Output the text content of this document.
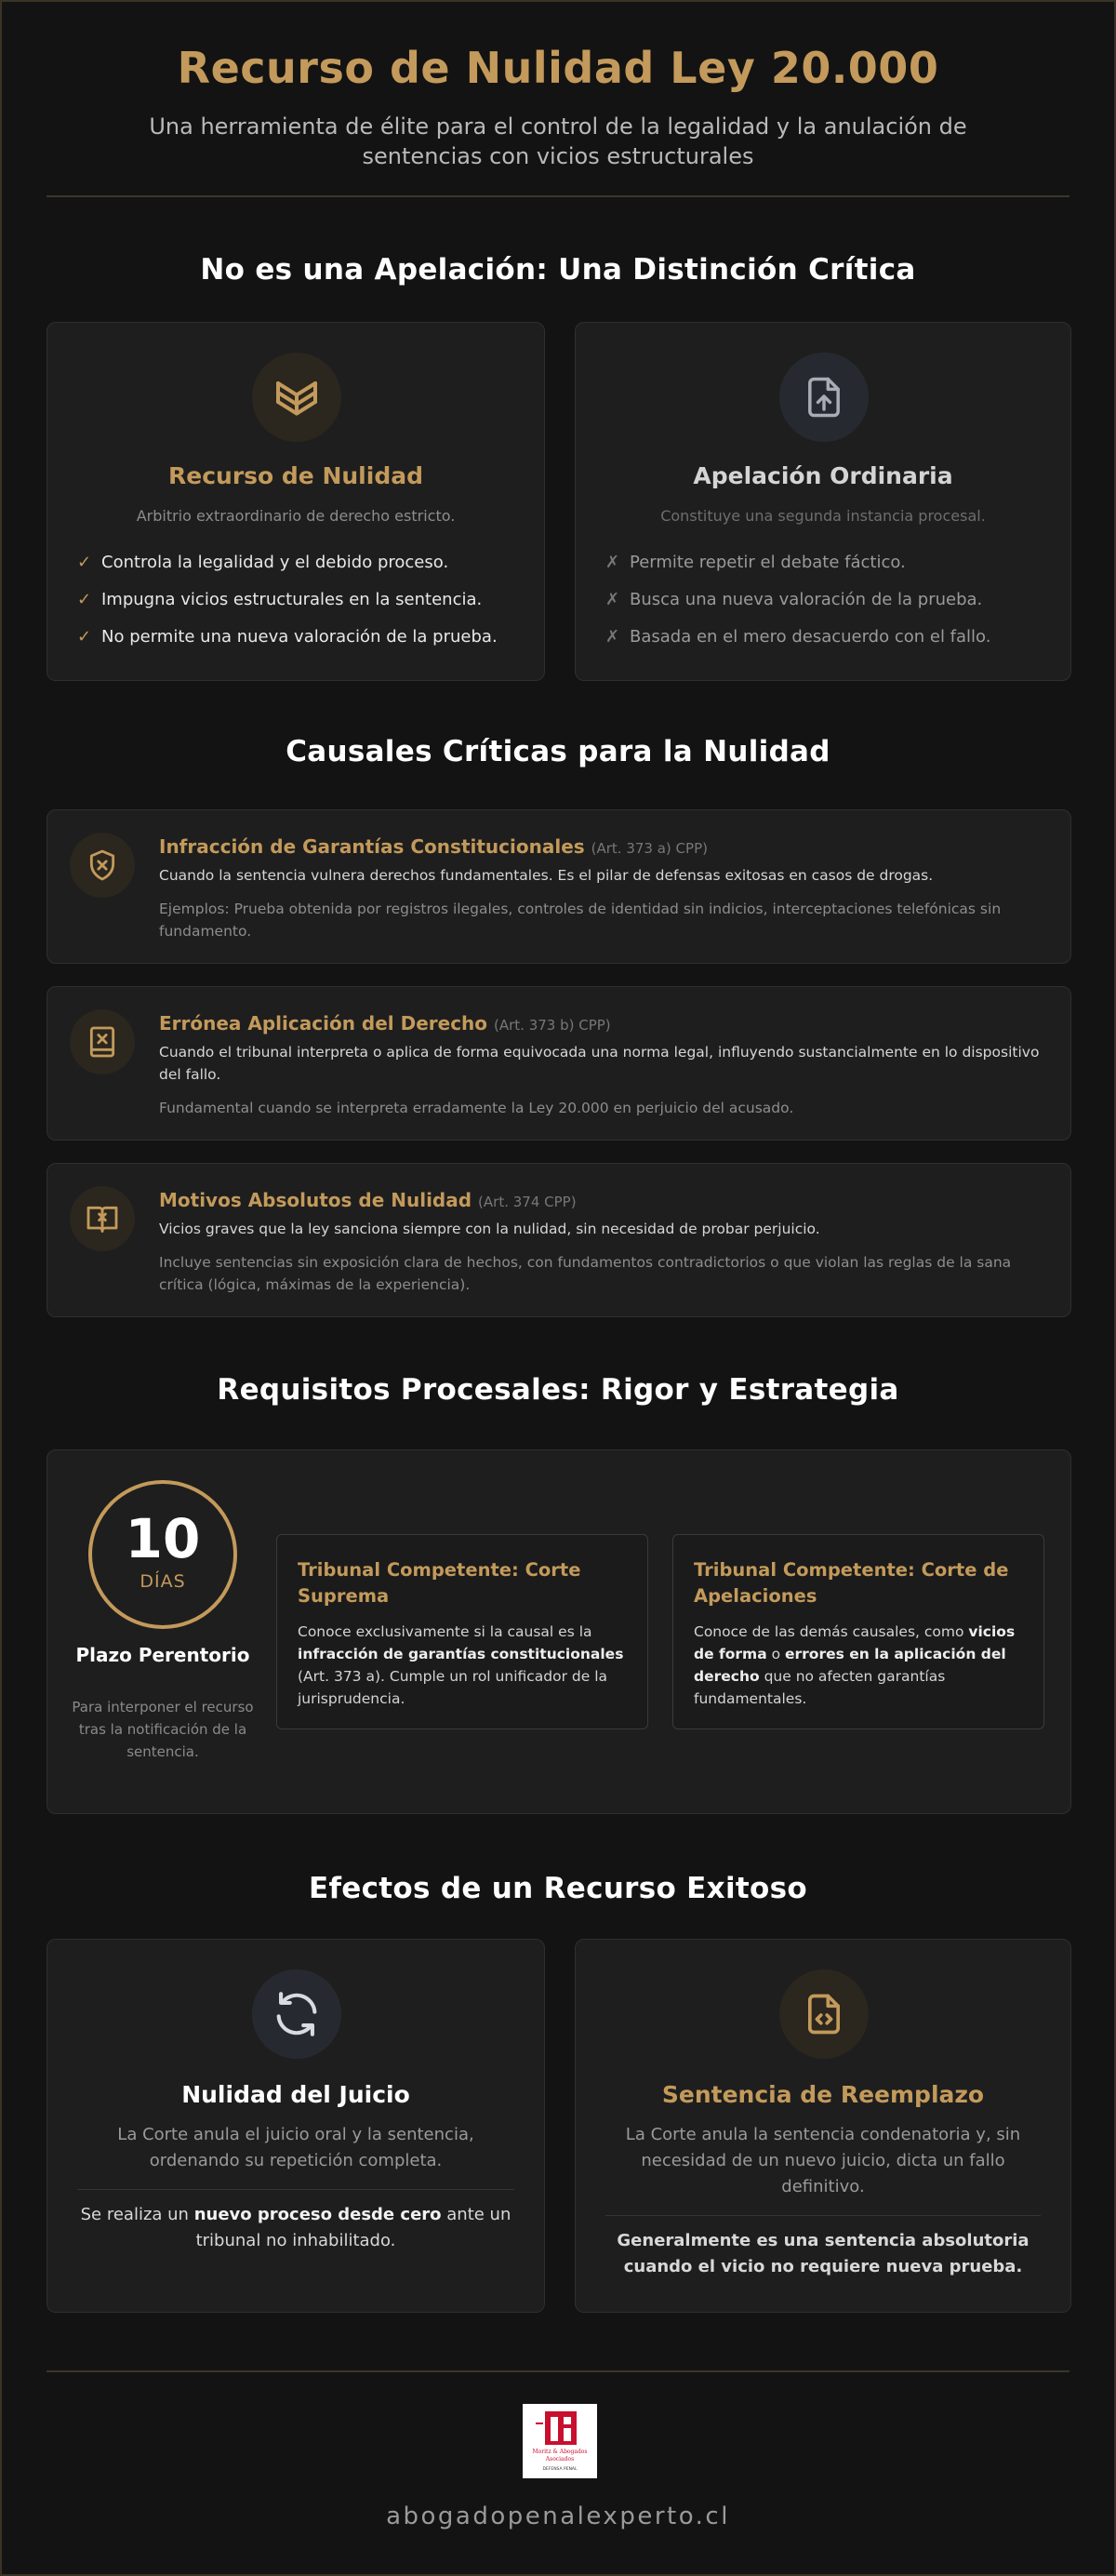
Recurso de Nulidad Ley 20.000

Una herramienta de élite para el control de la legalidad y la anulación de sentencias con vicios estructurales

No es una Apelación: Una Distinción Crítica
Recurso de Nulidad
Arbitrio extraordinario de derecho estricto.
✓ Controla la legalidad y el debido proceso.
✓ Impugna vicios estructurales en la sentencia.
✓ No permite una nueva valoración de la prueba.
Apelación Ordinaria
Constituye una segunda instancia procesal.
✗ Permite repetir el debate fáctico.
✗ Busca una nueva valoración de la prueba.
✗ Basada en el mero desacuerdo con el fallo.
Causales Críticas para la Nulidad
Infracción de Garantías Constitucionales (Art. 373 a) CPP)
Cuando la sentencia vulnera derechos fundamentales. Es el pilar de defensas exitosas en casos de drogas.
Ejemplos: Prueba obtenida por registros ilegales, controles de identidad sin indicios, interceptaciones telefónicas sin fundamento.
Errónea Aplicación del Derecho (Art. 373 b) CPP)
Cuando el tribunal interpreta o aplica de forma equivocada una norma legal, influyendo sustancialmente en lo dispositivo del fallo.
Fundamental cuando se interpreta erradamente la Ley 20.000 en perjuicio del acusado.
Motivos Absolutos de Nulidad (Art. 374 CPP)
Vicios graves que la ley sanciona siempre con la nulidad, sin necesidad de probar perjuicio.
Incluye sentencias sin exposición clara de hechos, con fundamentos contradictorios o que violan las reglas de la sana crítica (lógica, máximas de la experiencia).
Requisitos Procesales: Rigor y Estrategia
10
DÍAS
Plazo Perentorio
Para interponer el recurso tras la notificación de la sentencia.
Tribunal Competente: Corte Suprema
Conoce exclusivamente si la causal es la infracción de garantías constitucionales (Art. 373 a). Cumple un rol unificador de la jurisprudencia.
Tribunal Competente: Corte de Apelaciones
Conoce de las demás causales, como vicios de forma o errores en la aplicación del derecho que no afecten garantías fundamentales.
Efectos de un Recurso Exitoso
Nulidad del Juicio
La Corte anula el juicio oral y la sentencia, ordenando su repetición completa.
Se realiza un nuevo proceso desde cero ante un tribunal no inhabilitado.
Sentencia de Reemplazo
La Corte anula la sentencia condenatoria y, sin necesidad de un nuevo juicio, dicta un fallo definitivo.
Generalmente es una sentencia absolutoria cuando el vicio no requiere nueva prueba.
Moritz & Abogados Asociados
DEFENSA PENAL
abogadopenalexperto.cl
